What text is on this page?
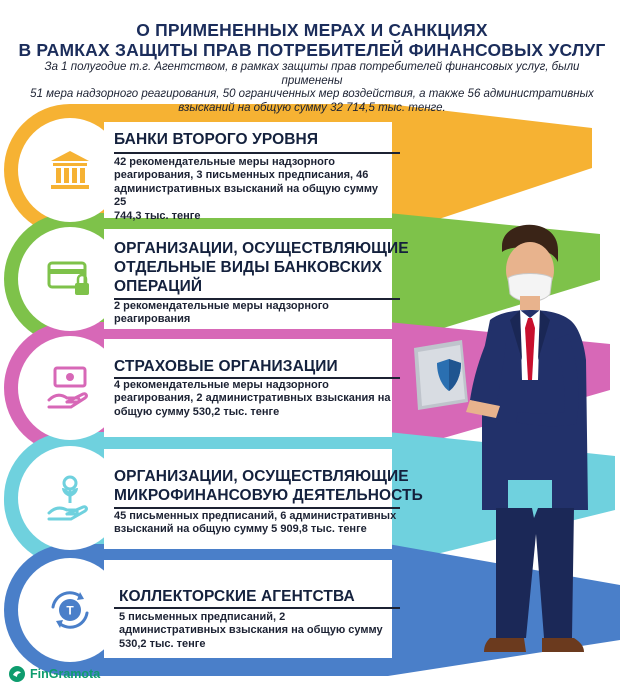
О ПРИМЕНЕННЫХ МЕРАХ И САНКЦИЯХ
В РАМКАХ ЗАЩИТЫ ПРАВ ПОТРЕБИТЕЛЕЙ ФИНАНСОВЫХ УСЛУГ
За 1 полугодие т.г. Агентством, в рамках защиты прав потребителей финансовых услуг, были применены
51 мера надзорного реагирования, 50 ограниченных мер воздействия, а также 56 административных
взысканий на общую сумму 32 714,5 тыс. тенге.
БАНКИ ВТОРОГО УРОВНЯ
42 рекомендательные меры надзорного
реагирования, 3 письменных предписания, 46
административных взысканий на общую сумму 25
744,3 тыс. тенге
ОРГАНИЗАЦИИ, ОСУЩЕСТВЛЯЮЩИЕ
ОТДЕЛЬНЫЕ ВИДЫ БАНКОВСКИХ
ОПЕРАЦИЙ
2 рекомендательные меры надзорного
реагирования
СТРАХОВЫЕ ОРГАНИЗАЦИИ
4 рекомендательные меры надзорного
реагирования, 2 административных взыскания на
общую сумму 530,2 тыс. тенге
ОРГАНИЗАЦИИ, ОСУЩЕСТВЛЯЮЩИЕ
МИКРОФИНАНСОВУЮ ДЕЯТЕЛЬНОСТЬ
45 письменных предписаний, 6 административных
взысканий на общую сумму 5 909,8 тыс. тенге
T
КОЛЛЕКТОРСКИЕ АГЕНТСТВА
5 письменных предписаний, 2
административных взыскания на общую сумму
530,2 тыс. тенге
FinGramota
